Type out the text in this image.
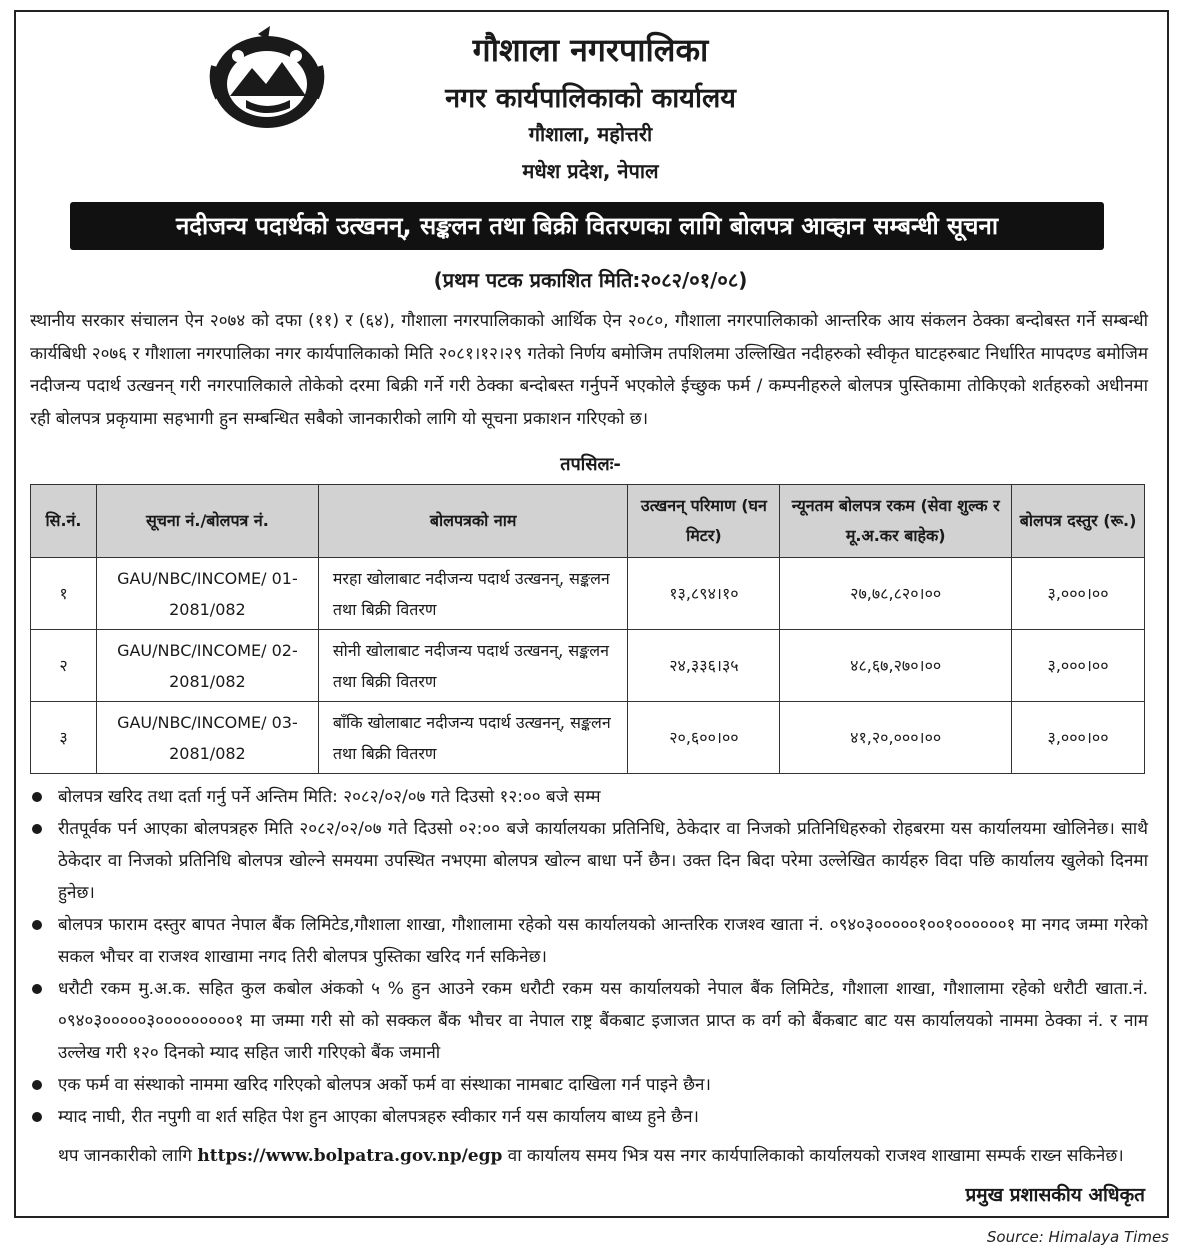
गौशाला नगरपालिका
नगर कार्यपालिकाको कार्यालय
गौशाला, महोत्तरी
मधेश प्रदेश, नेपाल
नदीजन्य पदार्थको उत्खनन्, सङ्कलन तथा बिक्री वितरणका लागि बोलपत्र आव्हान सम्बन्धी सूचना
(प्रथम पटक प्रकाशित मिति:२०८२/०१/०८)
स्थानीय सरकार संचालन ऐन २०७४ को दफा (११) र (६४), गौशाला नगरपालिकाको आर्थिक ऐन २०८०, गौशाला नगरपालिकाको आन्तरिक आय संकलन ठेक्का बन्दोबस्त गर्ने सम्बन्धी कार्यबिधी २०७६ र गौशाला नगरपालिका नगर कार्यपालिकाको मिति २०८१।१२।२९ गतेको निर्णय बमोजिम तपशिलमा उल्लिखित नदीहरुको स्वीकृत घाटहरुबाट निर्धारित मापदण्ड बमोजिम नदीजन्य पदार्थ उत्खनन् गरी नगरपालिकाले तोकेको दरमा बिक्री गर्ने गरी ठेक्का बन्दोबस्त गर्नुपर्ने भएकोले ईच्छुक फर्म / कम्पनीहरुले बोलपत्र पुस्तिकामा तोकिएको शर्तहरुको अधीनमा रही बोलपत्र प्रकृयामा सहभागी हुन सम्बन्धित सबैको जानकारीको लागि यो सूचना प्रकाशन गरिएको छ।
तपसिलः-
सि.नं.	सूचना नं./बोलपत्र नं.	बोलपत्रको नाम	उत्खनन् परिमाण (घन मिटर)	न्यूनतम बोलपत्र रकम (सेवा शुल्क र मू.अ.कर बाहेक)	बोलपत्र दस्तुर (रू.)
१	GAU/NBC/INCOME/ 01-2081/082	मरहा खोलाबाट नदीजन्य पदार्थ उत्खनन्, सङ्कलन तथा बिक्री वितरण	१३,८९४।१०	२७,७८,८२०।००	३,०००।००
२	GAU/NBC/INCOME/ 02-2081/082	सोनी खोलाबाट नदीजन्य पदार्थ उत्खनन्, सङ्कलन तथा बिक्री वितरण	२४,३३६।३५	४८,६७,२७०।००	३,०००।००
३	GAU/NBC/INCOME/ 03-2081/082	बाँकि खोलाबाट नदीजन्य पदार्थ उत्खनन्, सङ्कलन तथा बिक्री वितरण	२०,६००।००	४१,२०,०००।००	३,०००।००
बोलपत्र खरिद तथा दर्ता गर्नु पर्ने अन्तिम मिति: २०८२/०२/०७ गते दिउसो १२:०० बजे सम्म
रीतपूर्वक पर्न आएका बोलपत्रहरु मिति २०८२/०२/०७ गते दिउसो ०२:०० बजे कार्यालयका प्रतिनिधि, ठेकेदार वा निजको प्रतिनिधिहरुको रोहबरमा यस कार्यालयमा खोलिनेछ। साथै ठेकेदार वा निजको प्रतिनिधि बोलपत्र खोल्ने समयमा उपस्थित नभएमा बोलपत्र खोल्न बाधा पर्ने छैन। उक्त दिन बिदा परेमा उल्लेखित कार्यहरु विदा पछि कार्यालय खुलेको दिनमा हुनेछ।
बोलपत्र फाराम दस्तुर बापत नेपाल बैंक लिमिटेड,गौशाला शाखा, गौशालामा रहेको यस कार्यालयको आन्तरिक राजश्व खाता नं. ०९४०३०००००१००१००००००१ मा नगद जम्मा गरेको सकल भौचर वा राजश्व शाखामा नगद तिरी बोलपत्र पुस्तिका खरिद गर्न सकिनेछ।
धरौटी रकम मु.अ.क. सहित कुल कबोल अंकको ५ % हुन आउने रकम धरौटी रकम यस कार्यालयको नेपाल बैंक लिमिटेड, गौशाला शाखा, गौशालामा रहेको धरौटी खाता.नं. ०९४०३०००००३०००००००००१ मा जम्मा गरी सो को सक्कल बैंक भौचर वा नेपाल राष्ट्र बैंकबाट इजाजत प्राप्त क वर्ग को बैंकबाट बाट यस कार्यालयको नाममा ठेक्का नं. र नाम उल्लेख गरी १२० दिनको म्याद सहित जारी गरिएको बैंक जमानी
एक फर्म वा संस्थाको नाममा खरिद गरिएको बोलपत्र अर्को फर्म वा संस्थाका नामबाट दाखिला गर्न पाइने छैन।
म्याद नाघी, रीत नपुगी वा शर्त सहित पेश हुन आएका बोलपत्रहरु स्वीकार गर्न यस कार्यालय बाध्य हुने छैन।
थप जानकारीको लागि https://www.bolpatra.gov.np/egp वा कार्यालय समय भित्र यस नगर कार्यपालिकाको कार्यालयको राजश्व शाखामा सम्पर्क राख्न सकिनेछ।
प्रमुख प्रशासकीय अधिकृत
Source: Himalaya Times
